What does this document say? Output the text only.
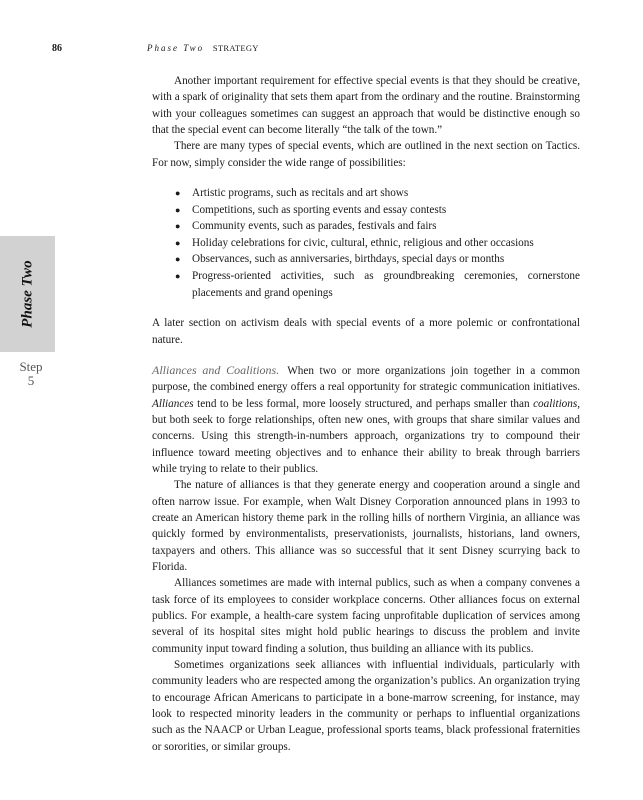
86	Phase Two STRATEGY
Phase Two
Step
5

Another important requirement for effective special events is that they should be creative, with a spark of originality that sets them apart from the ordinary and the routine. Brainstorming with your colleagues sometimes can suggest an approach that would be distinctive enough so that the special event can become literally “the talk of the town.”

There are many types of special events, which are outlined in the next section on Tactics. For now, simply consider the wide range of possibilities:

● Artistic programs, such as recitals and art shows
● Competitions, such as sporting events and essay contests
● Community events, such as parades, festivals and fairs
● Holiday celebrations for civic, cultural, ethnic, religious and other occasions
● Observances, such as anniversaries, birthdays, special days or months
● Progress-oriented activities, such as groundbreaking ceremonies, cornerstone placements and grand openings

A later section on activism deals with special events of a more polemic or confrontational nature.

Alliances and Coalitions. When two or more organizations join together in a common purpose, the combined energy offers a real opportunity for strategic communication initiatives. Alliances tend to be less formal, more loosely structured, and perhaps smaller than coalitions, but both seek to forge relationships, often new ones, with groups that share similar values and concerns. Using this strength-in-numbers approach, organizations try to compound their influence toward meeting objectives and to enhance their ability to break through barriers while trying to relate to their publics.

The nature of alliances is that they generate energy and cooperation around a single and often narrow issue. For example, when Walt Disney Corporation announced plans in 1993 to create an American history theme park in the rolling hills of northern Virginia, an alliance was quickly formed by environmentalists, preservationists, journalists, historians, land owners, taxpayers and others. This alliance was so successful that it sent Disney scurrying back to Florida.

Alliances sometimes are made with internal publics, such as when a company convenes a task force of its employees to consider workplace concerns. Other alliances focus on external publics. For example, a health-care system facing unprofitable duplication of services among several of its hospital sites might hold public hearings to discuss the problem and invite community input toward finding a solution, thus building an alliance with its publics.

Sometimes organizations seek alliances with influential individuals, particularly with community leaders who are respected among the organization’s publics. An organization trying to encourage African Americans to participate in a bone-marrow screening, for instance, may look to respected minority leaders in the community or perhaps to influential organizations such as the NAACP or Urban League, professional sports teams, black professional fraternities or sororities, or similar groups.
